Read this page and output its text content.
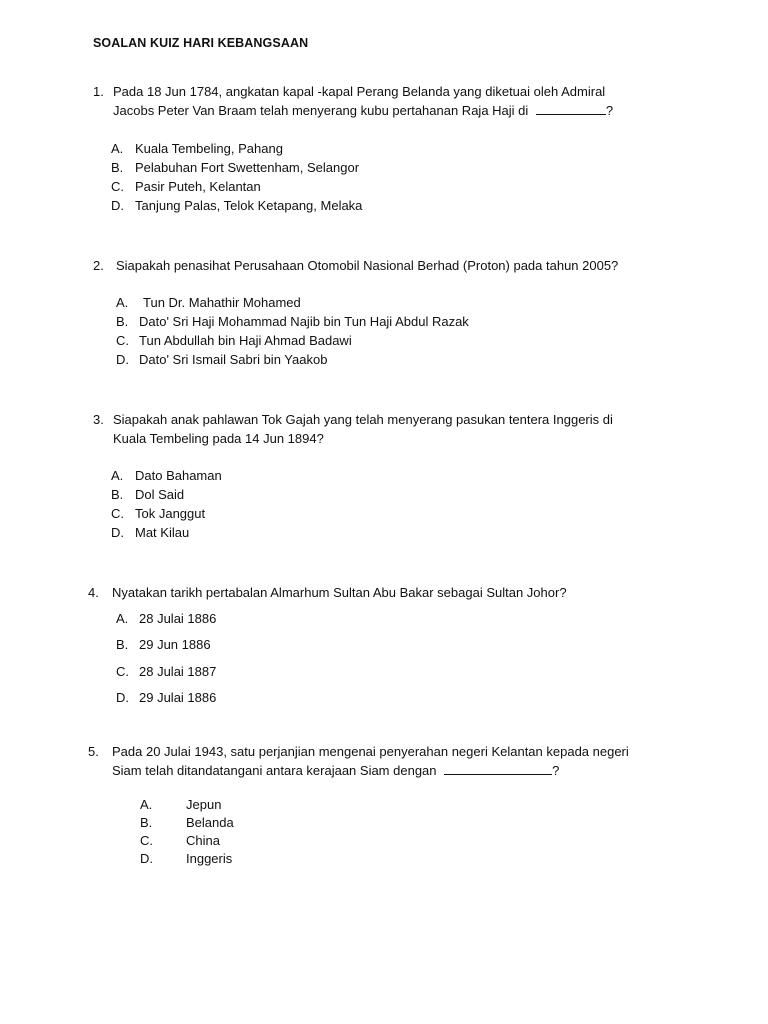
SOALAN KUIZ HARI KEBANGSAAN
1. Pada 18 Jun 1784, angkatan kapal -kapal Perang Belanda yang diketuai oleh Admiral
Jacobs Peter Van Braam telah menyerang kubu pertahanan Raja Haji di	?
A. Kuala Tembeling, Pahang
B. Pelabuhan Fort Swettenham, Selangor
C. Pasir Puteh, Kelantan
D. Tanjung Palas, Telok Ketapang, Melaka
2. Siapakah penasihat Perusahaan Otomobil Nasional Berhad (Proton) pada tahun 2005?
A. Tun Dr. Mahathir Mohamed
B. Dato' Sri Haji Mohammad Najib bin Tun Haji Abdul Razak
C. Tun Abdullah bin Haji Ahmad Badawi
D. Dato' Sri Ismail Sabri bin Yaakob
3. Siapakah anak pahlawan Tok Gajah yang telah menyerang pasukan tentera Inggeris di
Kuala Tembeling pada 14 Jun 1894?
A. Dato Bahaman
B. Dol Said
C. Tok Janggut
D. Mat Kilau
4. Nyatakan tarikh pertabalan Almarhum Sultan Abu Bakar sebagai Sultan Johor?
A. 28 Julai 1886
B. 29 Jun 1886
C. 28 Julai 1887
D. 29 Julai 1886
5. Pada 20 Julai 1943, satu perjanjian mengenai penyerahan negeri Kelantan kepada negeri
Siam telah ditandatangani antara kerajaan Siam dengan	?
A.	Jepun
B.	Belanda
C.	China
D.	Inggeris
